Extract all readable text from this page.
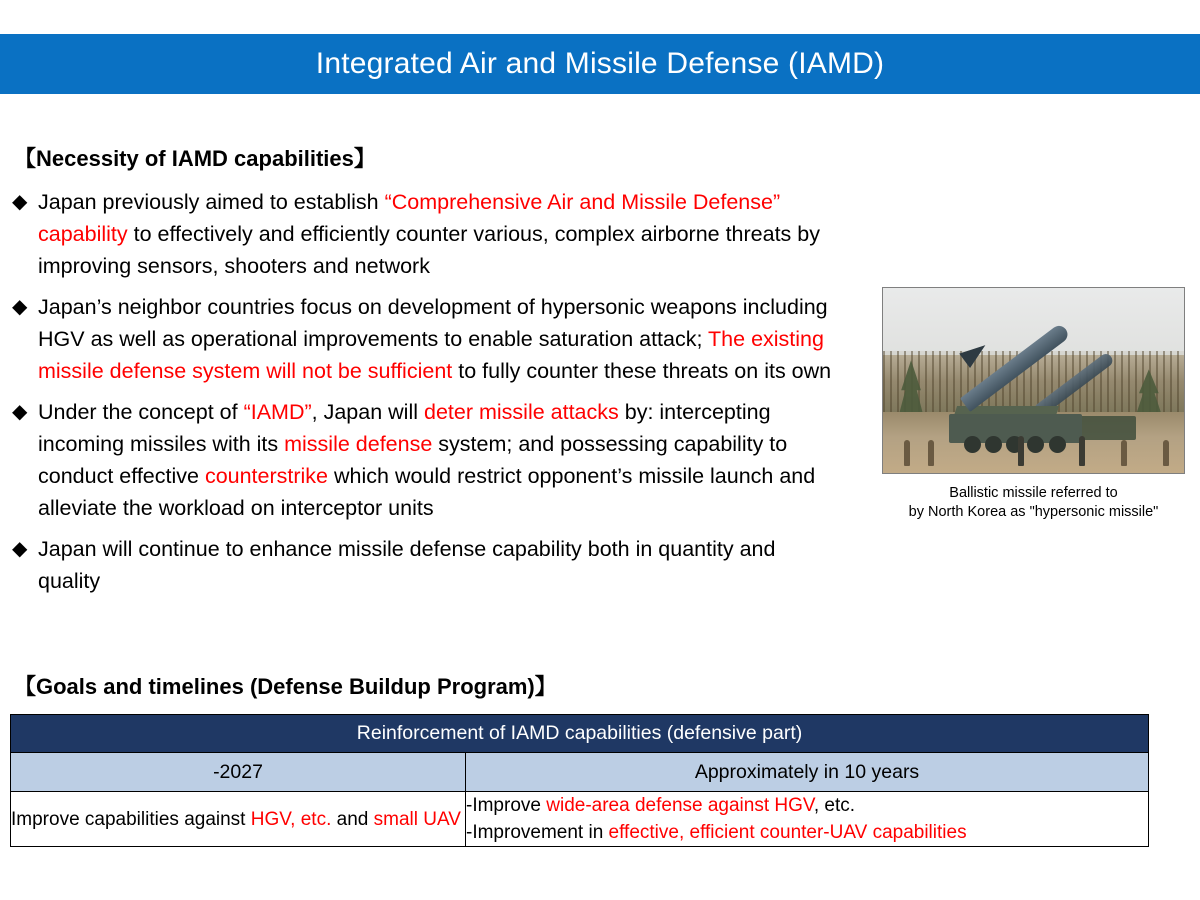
Integrated Air and Missile Defense (IAMD)
【Necessity of IAMD capabilities】
◆ Japan previously aimed to establish “Comprehensive Air and Missile Defense” capability to effectively and efficiently counter various, complex airborne threats by improving sensors, shooters and network
◆ Japan’s neighbor countries focus on development of hypersonic weapons including HGV as well as operational improvements to enable saturation attack; The existing missile defense system will not be sufficient to fully counter these threats on its own
◆ Under the concept of “IAMD”, Japan will deter missile attacks by: intercepting incoming missiles with its missile defense system; and possessing capability to conduct effective counterstrike which would restrict opponent’s missile launch and alleviate the workload on interceptor units
◆ Japan will continue to enhance missile defense capability both in quantity and quality
Ballistic missile referred to
by North Korea as "hypersonic missile"
【Goals and timelines (Defense Buildup Program)】
Reinforcement of IAMD capabilities (defensive part)	
-2027	Approximately in 10 years

Improve capabilities against HGV, etc. and small UAV	-Improve wide-area defense against HGV, etc.
-Improvement in effective, efficient counter-UAV capabilities
